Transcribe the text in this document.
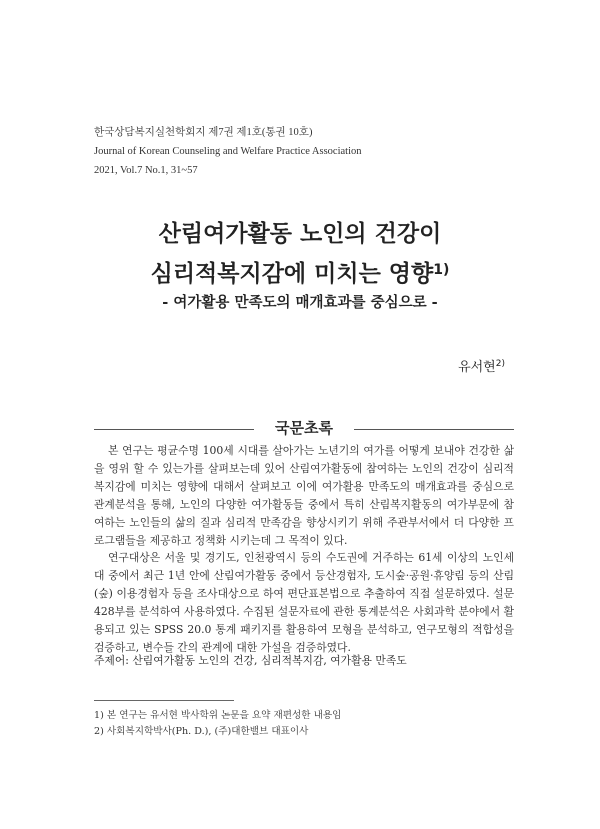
한국상담복지실천학회지 제7권 제1호(통권 10호)
Journal of Korean Counseling and Welfare Practice Association
2021, Vol.7 No.1, 31~57
산림여가활동 노인의 건강이
심리적복지감에 미치는 영향$^{1)}$
- 여가활용 만족도의 매개효과를 중심으로 -
유서현$^{2)}$
국문초록

본 연구는 평균수명 100세 시대를 살아가는 노년기의 여가를 어떻게 보내야 건강한 삶을 영위 할 수 있는가를 살펴보는데 있어 산림여가활동에 참여하는 노인의 건강이 심리적복지감에 미치는 영향에 대해서 살펴보고 이에 여가활용 만족도의 매개효과를 중심으로 관계분석을 통해, 노인의 다양한 여가활동들 중에서 특히 산림복지활동의 여가부문에 참여하는 노인들의 삶의 질과 심리적 만족감을 향상시키기 위해 주관부서에서 더 다양한 프로그램들을 제공하고 정책화 시키는데 그 목적이 있다.

연구대상은 서울 및 경기도, 인천광역시 등의 수도권에 거주하는 61세 이상의 노인세대 중에서 최근 1년 안에 산림여가활동 중에서 등산경험자, 도시숲·공원·휴양림 등의 산림(숲) 이용경험자 등을 조사대상으로 하여 편단표본법으로 추출하여 직접 설문하였다. 설문 428부를 분석하여 사용하였다. 수집된 설문자료에 관한 통계분석은 사회과학 분야에서 활용되고 있는 SPSS 20.0 통계 패키지를 활용하여 모형을 분석하고, 연구모형의 적합성을 검증하고, 변수들 간의 관계에 대한 가설을 검증하였다.

주제어: 산림여가활동 노인의 건강, 심리적복지감, 여가활용 만족도
1) 본 연구는 유서현 박사학위 논문을 요약 재편성한 내용임
2) 사회복지학박사(Ph. D.), (주)대한밸브 대표이사
